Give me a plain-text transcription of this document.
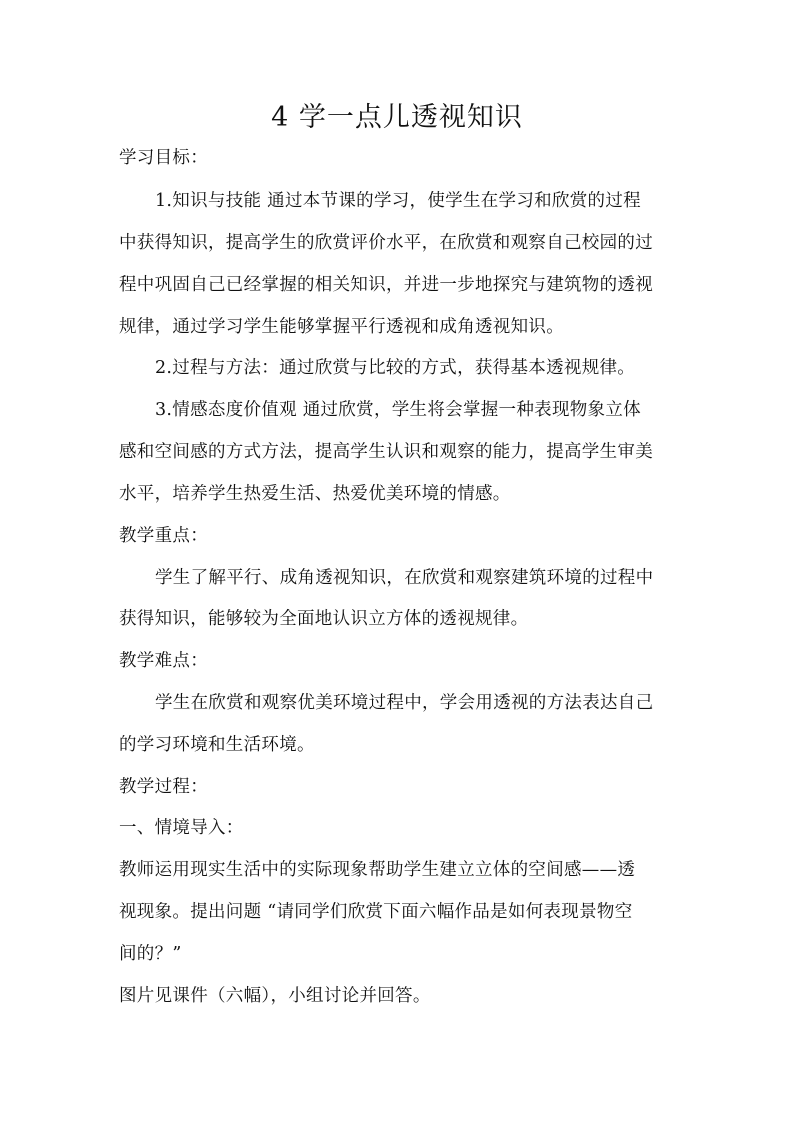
4 学一点儿透视知识
学习目标：
1.知识与技能 通过本节课的学习，使学生在学习和欣赏的过程
中获得知识，提高学生的欣赏评价水平，在欣赏和观察自己校园的过
程中巩固自己已经掌握的相关知识，并进一步地探究与建筑物的透视
规律，通过学习学生能够掌握平行透视和成角透视知识。
2.过程与方法：通过欣赏与比较的方式，获得基本透视规律。
3.情感态度价值观 通过欣赏，学生将会掌握一种表现物象立体
感和空间感的方式方法，提高学生认识和观察的能力，提高学生审美
水平，培养学生热爱生活、热爱优美环境的情感。
教学重点：
学生了解平行、成角透视知识，在欣赏和观察建筑环境的过程中
获得知识，能够较为全面地认识立方体的透视规律。
教学难点：
学生在欣赏和观察优美环境过程中，学会用透视的方法表达自己
的学习环境和生活环境。
教学过程：
一、情境导入：
教师运用现实生活中的实际现象帮助学生建立立体的空间感——透
视现象。提出问题 “请同学们欣赏下面六幅作品是如何表现景物空
间的？”
图片见课件（六幅），小组讨论并回答。
